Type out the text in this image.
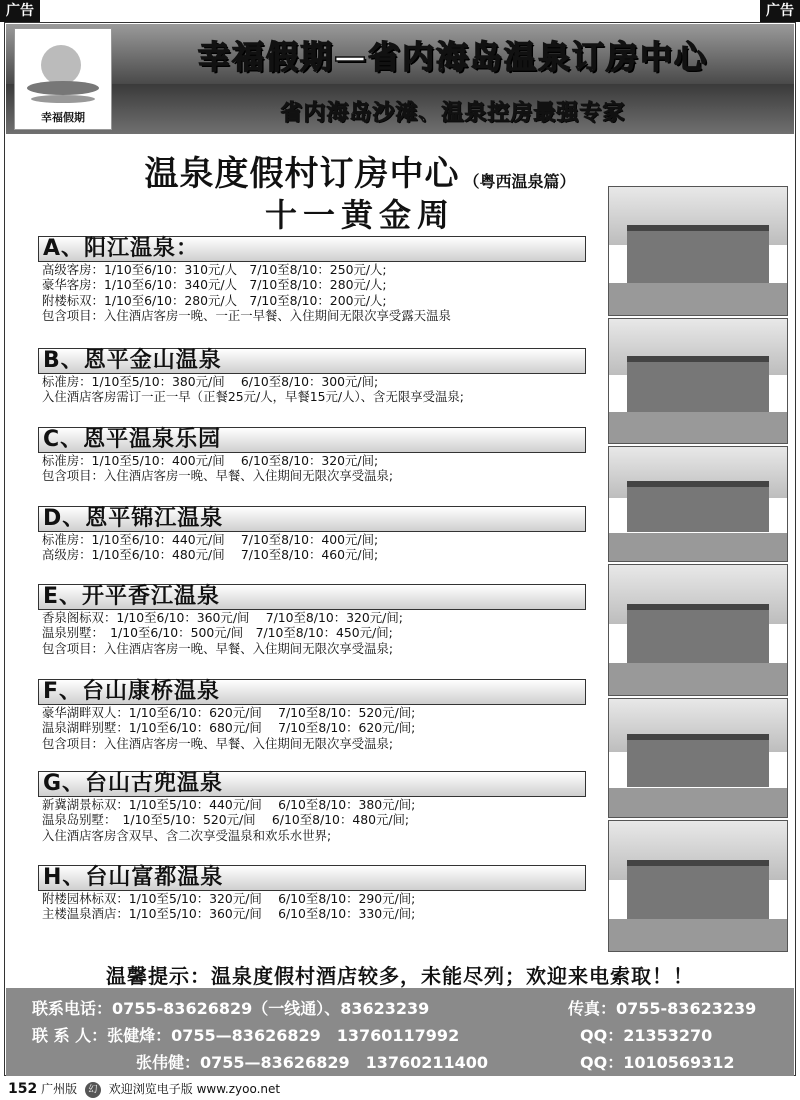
广告	广告
幸福假期
幸福假期—省内海岛温泉订房中心
省内海岛沙滩、温泉控房最强专家
温泉度假村订房中心 （粤西温泉篇）
十一黄金周
A、阳江温泉：
高级客房：1/10至6/10：310元/人　7/10至8/10：250元/人;
豪华客房：1/10至6/10：340元/人　7/10至8/10：280元/人;
附楼标双：1/10至6/10：280元/人　7/10至8/10：200元/人;
包含项目：入住酒店客房一晚、一正一早餐、入住期间无限次享受露天温泉
B、恩平金山温泉
标准房：1/10至5/10：380元/间　 6/10至8/10：300元/间;
入住酒店客房需订一正一早（正餐25元/人，早餐15元/人）、含无限享受温泉;
C、恩平温泉乐园
标准房：1/10至5/10：400元/间　 6/10至8/10：320元/间;
包含项目：入住酒店客房一晚、早餐、入住期间无限次享受温泉;
D、恩平锦江温泉
标准房：1/10至6/10：440元/间　 7/10至8/10：400元/间;
高级房：1/10至6/10：480元/间　 7/10至8/10：460元/间;
E、开平香江温泉
香泉阁标双：1/10至6/10：360元/间　 7/10至8/10：320元/间;
温泉别墅：　1/10至6/10：500元/间　7/10至8/10：450元/间;
包含项目：入住酒店客房一晚、早餐、入住期间无限次享受温泉;
F、台山康桥温泉
豪华湖畔双人：1/10至6/10：620元/间　 7/10至8/10：520元/间;
温泉湖畔别墅：1/10至6/10：680元/间　 7/10至8/10：620元/间;
包含项目：入住酒店客房一晚、早餐、入住期间无限次享受温泉;
G、台山古兜温泉
新冀湖景标双：1/10至5/10：440元/间　 6/10至8/10：380元/间;
温泉岛别墅：　1/10至5/10：520元/间　 6/10至8/10：480元/间;
入住酒店客房含双早、含二次享受温泉和欢乐水世界;
H、台山富都温泉
附楼园林标双：1/10至5/10：320元/间　 6/10至8/10：290元/间;
主楼温泉酒店：1/10至5/10：360元/间　 6/10至8/10：330元/间;
温馨提示：温泉度假村酒店较多，未能尽列；欢迎来电索取！！
联系电话：0755-83626829（一线通）、83623239	传真：0755-83623239
联 系 人：张健烽：0755—83626829　13760117992	QQ：21353270
张伟健：0755—83626829　13760211400	QQ：1010569312
152 广州版 幻 欢迎浏览电子版 www.zyoo.net
